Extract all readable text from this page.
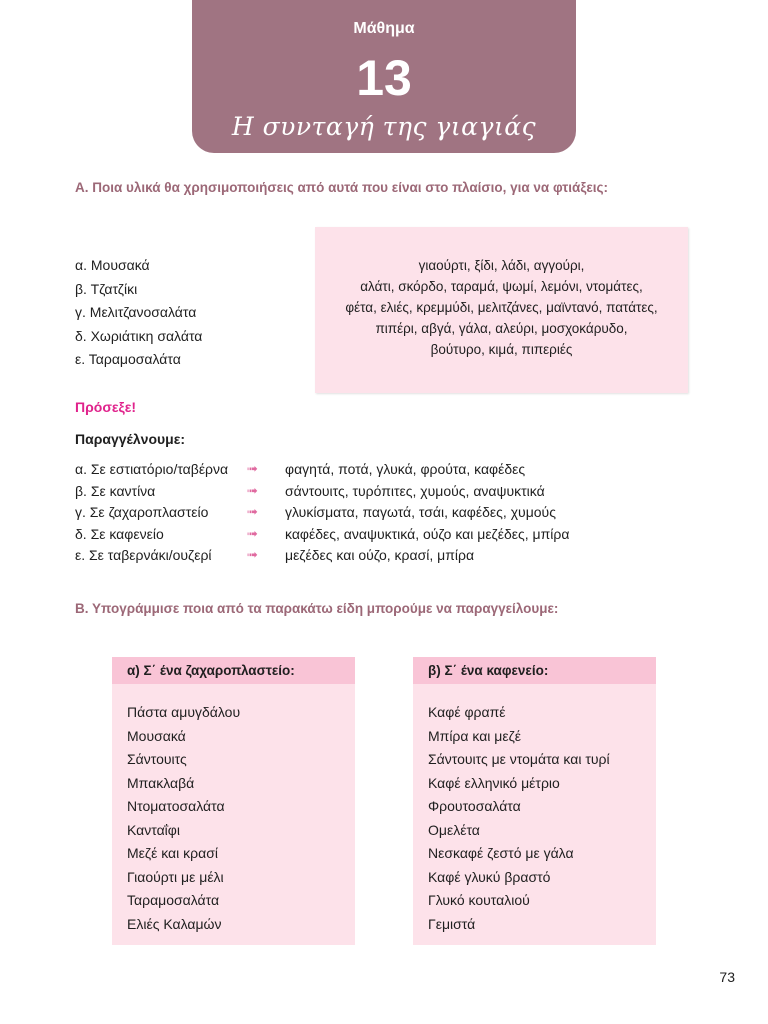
Μάθημα
13
Η συνταγή της γιαγιάς
Α. Ποια υλικά θα χρησιμοποιήσεις από αυτά που είναι στο πλαίσιο, για να φτιάξεις:
α. Μουσακά
β. Τζατζίκι
γ. Μελιτζανοσαλάτα
δ. Χωριάτικη σαλάτα
ε. Ταραμοσαλάτα
γιαούρτι, ξίδι, λάδι, αγγούρι,
αλάτι, σκόρδο, ταραμά, ψωμί, λεμόνι, ντομάτες,
φέτα, ελιές, κρεμμύδι, μελιτζάνες, μαϊντανό, πατάτες,
πιπέρι, αβγά, γάλα, αλεύρι, μοσχοκάρυδο,
βούτυρο, κιμά, πιπεριές
Πρόσεξε!
Παραγγέλνουμε:
α. Σε εστιατόριο/ταβέρνα ➟ φαγητά, ποτά, γλυκά, φρούτα, καφέδες
β. Σε καντίνα	➟ σάντουιτς, τυρόπιτες, χυμούς, αναψυκτικά
γ. Σε ζαχαροπλαστείο	➟ γλυκίσματα, παγωτά, τσάι, καφέδες, χυμούς
δ. Σε καφενείο	➟ καφέδες, αναψυκτικά, ούζο και μεζέδες, μπίρα
ε. Σε ταβερνάκι/ουζερί	➟ μεζέδες και ούζο, κρασί, μπίρα
Β. Υπογράμμισε ποια από τα παρακάτω είδη μπορούμε να παραγγείλουμε:
α) Σ΄ ένα ζαχαροπλαστείο:
Πάστα αμυγδάλου
Μουσακά
Σάντουιτς
Μπακλαβά
Ντοματοσαλάτα
Κανταΐφι
Μεζέ και κρασί
Γιαούρτι με μέλι
Ταραμοσαλάτα
Ελιές Καλαμών
β) Σ΄ ένα καφενείο:
Καφέ φραπέ
Μπίρα και μεζέ
Σάντουιτς με ντομάτα και τυρί
Καφέ ελληνικό μέτριο
Φρουτοσαλάτα
Ομελέτα
Νεσκαφέ ζεστό με γάλα
Καφέ γλυκύ βραστό
Γλυκό κουταλιού
Γεμιστά
73
